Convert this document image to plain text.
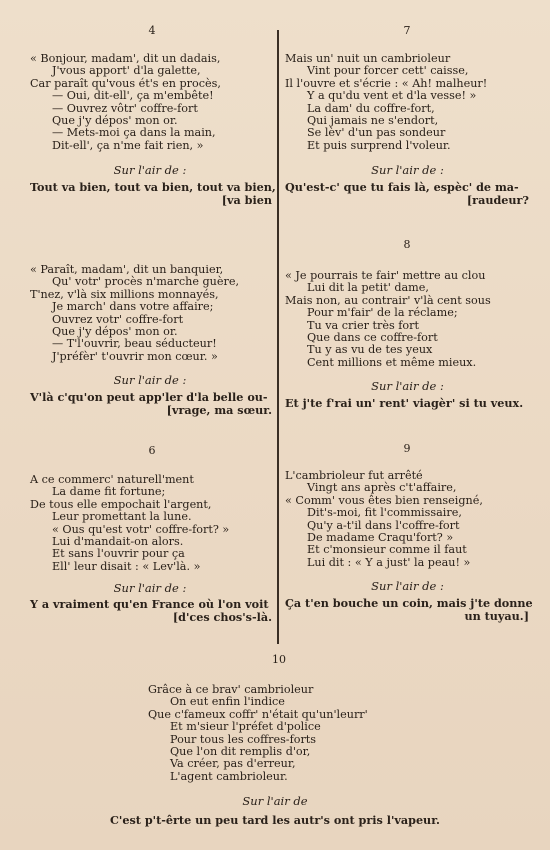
4	7
« Bonjour, madam', dit un dadais,
J'vous apport' d'la galette,
Car paraît qu'vous ét's en procès,
— Oui, dit-ell', ça m'embête!
— Ouvrez vôtr' coffre-fort
Que j'y dépos' mon or.
— Mets-moi ça dans la main,
Dit-ell', ça n'me fait rien, »
Sur l'air de :
Tout va bien, tout va bien, tout va bien,
[va bien
« Paraît, madam', dit un banquier,
Qu' votr' procès n'marche guère,
T'nez, v'là six millions monnayés,
Je march' dans votre affaire;
Ouvrez votr' coffre-fort
Que j'y dépos' mon or.
— T'l'ouvrir, beau séducteur!
J'préfèr' t'ouvrir mon cœur. »
Sur l'air de :
V'là c'qu'on peut app'ler d'la belle ou-
[vrage, ma sœur.
6
A ce commerc' naturell'ment
La dame fit fortune;
De tous elle empochait l'argent,
Leur promettant la lune.
« Ous qu'est votr' coffre-fort? »
Lui d'mandait-on alors.
Et sans l'ouvrir pour ça
Ell' leur disait : « Lev'là. »
Sur l'air de :
Y a vraiment qu'en France où l'on voit
[d'ces chos's-là.
Mais un' nuit un cambrioleur
Vint pour forcer cett' caisse,
Il l'ouvre et s'écrie : « Ah! malheur!
Y a qu'du vent et d'la vesse! »
La dam' du coffre-fort,
Qui jamais ne s'endort,
Se lèv' d'un pas sondeur
Et puis surprend l'voleur.
Sur l'air de :
Qu'est-c' que tu fais là, espèc' de ma-
[raudeur?
8
« Je pourrais te fair' mettre au clou
Lui dit la petit' dame,
Mais non, au contrair' v'là cent sous
Pour m'fair' de la réclame;
Tu va crier très fort
Que dans ce coffre-fort
Tu y as vu de tes yeux
Cent millions et même mieux.
Sur l'air de :
Et j'te f'rai un' rent' viagèr' si tu veux.
9
L'cambrioleur fut arrêté
Vingt ans après c't'affaire,
« Comm' vous êtes bien renseigné,
Dit's-moi, fit l'commissaire,
Qu'y a-t'il dans l'coffre-fort
De madame Craqu'fort? »
Et c'monsieur comme il faut
Lui dit : « Y a just' la peau! »
Sur l'air de :
Ça t'en bouche un coin, mais j'te donne
un tuyau.]
10
Grâce à ce brav' cambrioleur
On eut enfin l'indice
Que c'fameux coffr' n'était qu'un'leurr'
Et m'sieur l'préfet d'police
Pour tous les coffres-forts
Que l'on dit remplis d'or,
Va créer, pas d'erreur,
L'agent cambrioleur.
Sur l'air de
C'est p't-êrte un peu tard les autr's ont pris l'vapeur.
